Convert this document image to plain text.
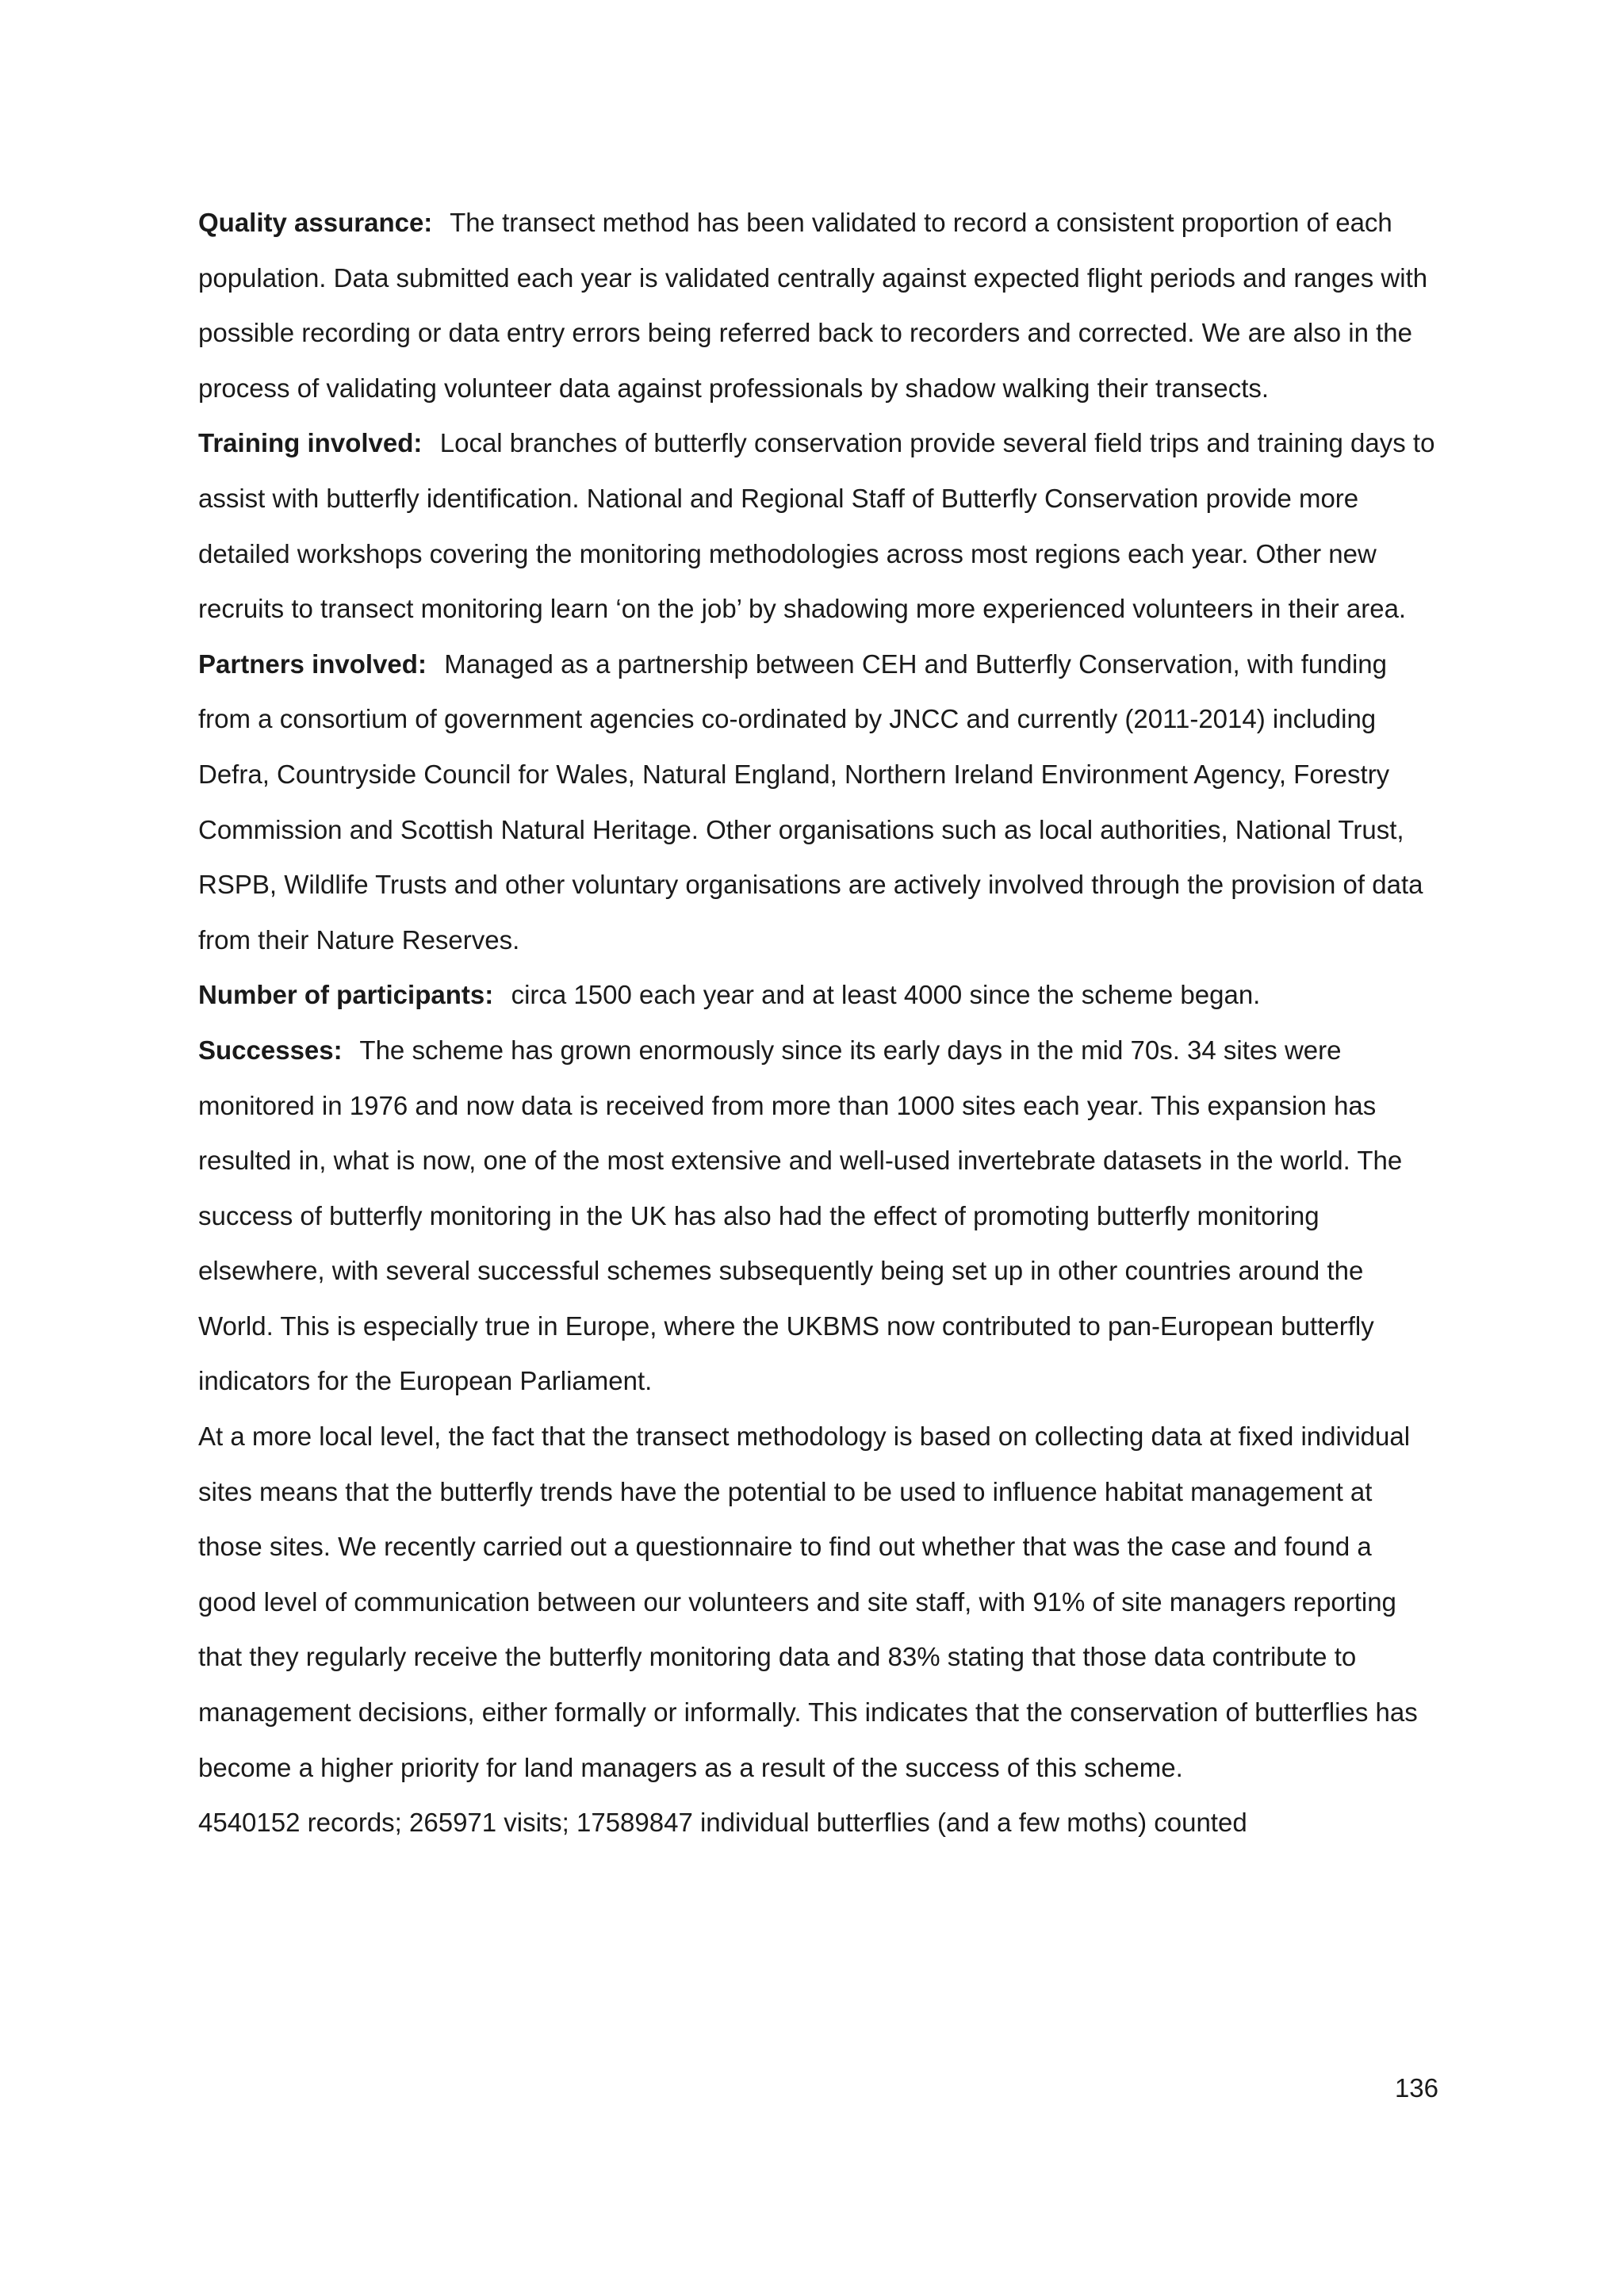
Quality assurance: The transect method has been validated to record a consistent proportion of each population. Data submitted each year is validated centrally against expected flight periods and ranges with possible recording or data entry errors being referred back to recorders and corrected. We are also in the process of validating volunteer data against professionals by shadow walking their transects.

Training involved: Local branches of butterfly conservation provide several field trips and training days to assist with butterfly identification. National and Regional Staff of Butterfly Conservation provide more detailed workshops covering the monitoring methodologies across most regions each year. Other new recruits to transect monitoring learn ‘on the job’ by shadowing more experienced volunteers in their area.

Partners involved: Managed as a partnership between CEH and Butterfly Conservation, with funding from a consortium of government agencies co-ordinated by JNCC and currently (2011-2014) including Defra, Countryside Council for Wales, Natural England, Northern Ireland Environment Agency, Forestry Commission and Scottish Natural Heritage. Other organisations such as local authorities, National Trust, RSPB, Wildlife Trusts and other voluntary organisations are actively involved through the provision of data from their Nature Reserves.

Number of participants: circa 1500 each year and at least 4000 since the scheme began.

Successes: The scheme has grown enormously since its early days in the mid 70s. 34 sites were monitored in 1976 and now data is received from more than 1000 sites each year. This expansion has resulted in, what is now, one of the most extensive and well-used invertebrate datasets in the world. The success of butterfly monitoring in the UK has also had the effect of promoting butterfly monitoring elsewhere, with several successful schemes subsequently being set up in other countries around the World. This is especially true in Europe, where the UKBMS now contributed to pan-European butterfly indicators for the European Parliament.

At a more local level, the fact that the transect methodology is based on collecting data at fixed individual sites means that the butterfly trends have the potential to be used to influence habitat management at those sites. We recently carried out a questionnaire to find out whether that was the case and found a good level of communication between our volunteers and site staff, with 91% of site managers reporting that they regularly receive the butterfly monitoring data and 83% stating that those data contribute to management decisions, either formally or informally. This indicates that the conservation of butterflies has become a higher priority for land managers as a result of the success of this scheme.

4540152 records; 265971 visits; 17589847 individual butterflies (and a few moths) counted

136
